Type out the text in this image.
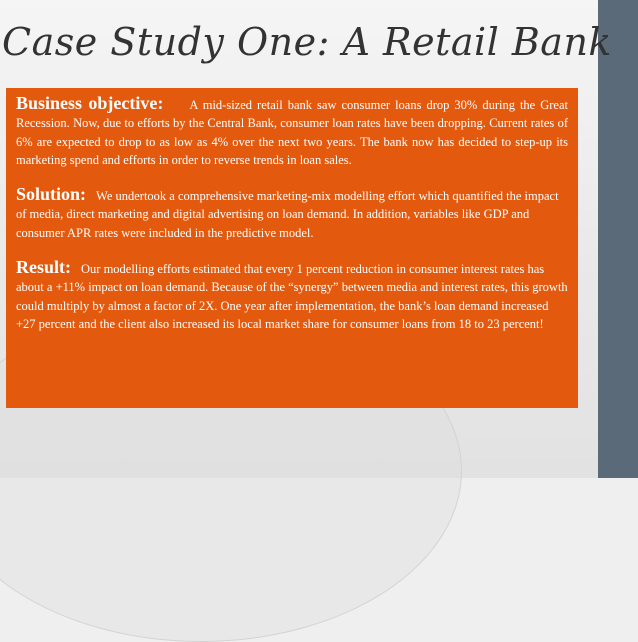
Case Study One: A Retail Bank

Business objective: A mid-sized retail bank saw consumer loans drop 30% during the Great Recession. Now, due to efforts by the Central Bank, consumer loan rates have been dropping. Current rates of 6% are expected to drop to as low as 4% over the next two years. The bank now has decided to step-up its marketing spend and efforts in order to reverse trends in loan sales.

Solution: We undertook a comprehensive marketing-mix modelling effort which quantified the impact of media, direct marketing and digital advertising on loan demand. In addition, variables like GDP and consumer APR rates were included in the predictive model.

Result: Our modelling efforts estimated that every 1 percent reduction in consumer interest rates has about a +11% impact on loan demand. Because of the “synergy” between media and interest rates, this growth could multiply by almost a factor of 2X. One year after implementation, the bank’s loan demand increased +27 percent and the client also increased its local market share for consumer loans from 18 to 23 percent!
